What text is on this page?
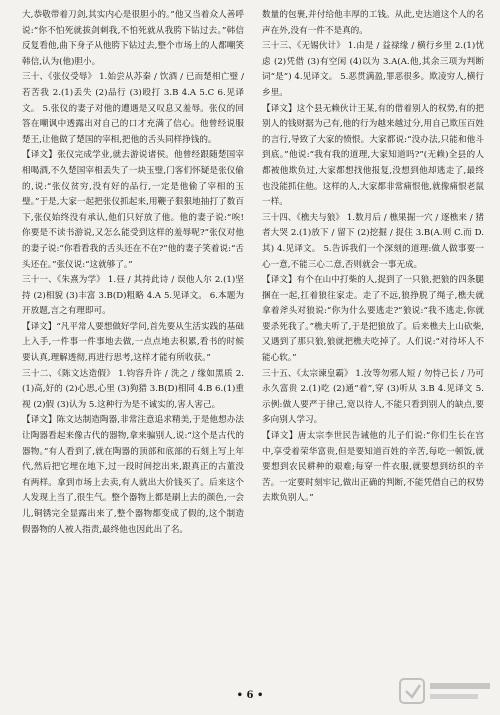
大,恭敬带着刀剑,其实内心是很胆小的。”他又当着众人善呼说:“你不怕死就拔剑刺我,不怕死就从我胯下钻过去。”韩信反复看他,曲下身子从他胯下钻过去,整个市场上的人都嘲笑韩信,认为(他)胆小。

三十、《张仪受辱》 1.始尝从苏秦 / 饮酒 / 已而楚相亡璧 / 若苦我 2.(1)丢失 (2)品行 (3)殴打 3.B 4.A 5.C 6.见译文。 5.张仪的妻子对他的遭遇是又叹息又羞辱。张仪的回答在嘲讽中透露出对自己的口才充满了信心。他曾经说服楚王,让他做了楚国的宰相,把他的舌头同样挣钱的。

【译文】张仪完成学业,就去游说诸侯。他曾经跟随楚国宰相喝酒,不久楚国宰相丢失了一块玉璧,门客们怀疑是张仪偷的,说:“张仪贫穷,没有好的品行,一定是他偷了宰相的玉璧。”于是,大家一起把张仪抓起来,用鞭子狠狠地抽打了数百下,张仪始终没有承认,他们只好放了他。他的妻子说:“唉!你要是不读书游说,又怎么能受到这样的羞辱呢?”张仪对他的妻子说:“你看看我的舌头还在不在?”他的妻子笑着说:“舌头还在。”张仪说:“这就够了。”

三十一、《朱熹为学》 1.昼 / 其持此诗 / 误他人尔 2.(1)坚持 (2)相貌 (3)丰富 3.B(D)粗略 4.A 5.见译文。 6.本题为开放题,言之有理即可。

【译文】“凡平常人要想做好学问,首先要从生活实践的基础上入手,一件事一件事地去做,一点点地去积累,看书的时候要认真,理解透彻,再进行思考,这样才能有所收获。”

三十二、《陈文达造假》 1.钧容升许 / 洗之 / 缘如黑质 2.(1)高,好的 (2)心思,心里 (3)狗猎 3.B(D)相同 4.B 6.(1)重视 (2)假 (3)认为 5.这种行为是不诚实的,害人害己。

【译文】陈文达制造陶器,非常注意追求精美,于是他想办法让陶器看起来像古代的器物,拿来骗别人,说:“这个是古代的器物。”有人看到了,就在陶器的顶部和底部的石刻上写上年代,然后把它埋在地下,过一段时间挖出来,跟真正的古董没有两样。拿到市场上去卖,有人就出大价钱买了。后来这个人发现上当了,很生气。整个器物上都是刷上去的颜色,一会儿,铜锈完全显露出来了,整个器物都变成了假的,这个制造假器物的人被人指责,最终他也因此出了名。

数量的包裹,并付给他丰厚的工钱。从此,史达道这个人的名声在外,没有一件不是真的。

三十三、《无锡伙计》 1.由是 / 益禄缘 / 横行乡里 2.(1)忧虑 (2)凭借 (3)有空闲 (4)以为 3.A(A.他,其余三项为判断词“是”) 4.见译文。 5.恶贯满盈,罪恶很多。欺凌穷人,横行乡里。

【译文】这个县无赖伙计王某,有的借着别人的权势,有的把别人的钱财据为己有,他的行为越来越过分,用自己欺压百姓的言行,导致了大家的愤恨。大家都说:“没办法,只能和他斗到底。”他说:“我有我的道理,大家知道吗?”(无赖)全县的人都被他欺负过,大家都想找他报复,没想到他却逃走了,最终也没能抓住他。这样的人,大家都非常痛恨他,就像痛恨老鼠一样。

三十四、《樵夫与狼》 1.数月后 / 樵果掘一穴 / 逐樵来 / 猪者大哭 2.(1)放下 / 留下 (2)挖掘 / 捉住 3.B(A.则 C.而 D.其) 4.见译文。 5.告诉我们一个深刻的道理:做人做事要一心一意,不能三心二意,否则就会一事无成。

【译文】有个在山中打柴的人,捉到了一只狼,把狼的四条腿捆在一起,扛着狼往家走。走了不远,狼挣脱了绳子,樵夫就拿着斧头对狼说:“你为什么要逃走?”狼说:“我不逃走,你就要杀死我了。”樵夫听了,于是把狼放了。后来樵夫上山砍柴,又遇到了那只狼,狼就把樵夫吃掉了。人们说:“对待坏人不能心软。”

三十五、《太宗谏皇霸》 1.汝等勿邪人短 / 勿恃己长 / 乃可永久富贵 2.(1)吃 (2)通“着”,穿 (3)听从 3.B 4.见译文 5.示例:做人要严于律己,宽以待人,不能只看到别人的缺点,要多向别人学习。

【译文】唐太宗李世民告诫他的儿子们说:“你们生长在宫中,享受着荣华富贵,但是要知道百姓的辛苦,每吃一顿饭,就要想到农民耕种的艰难;每穿一件衣服,就要想到纺织的辛苦。一定要时刻牢记,做出正确的判断,不能凭借自己的权势去欺负别人。”

• 6 •
